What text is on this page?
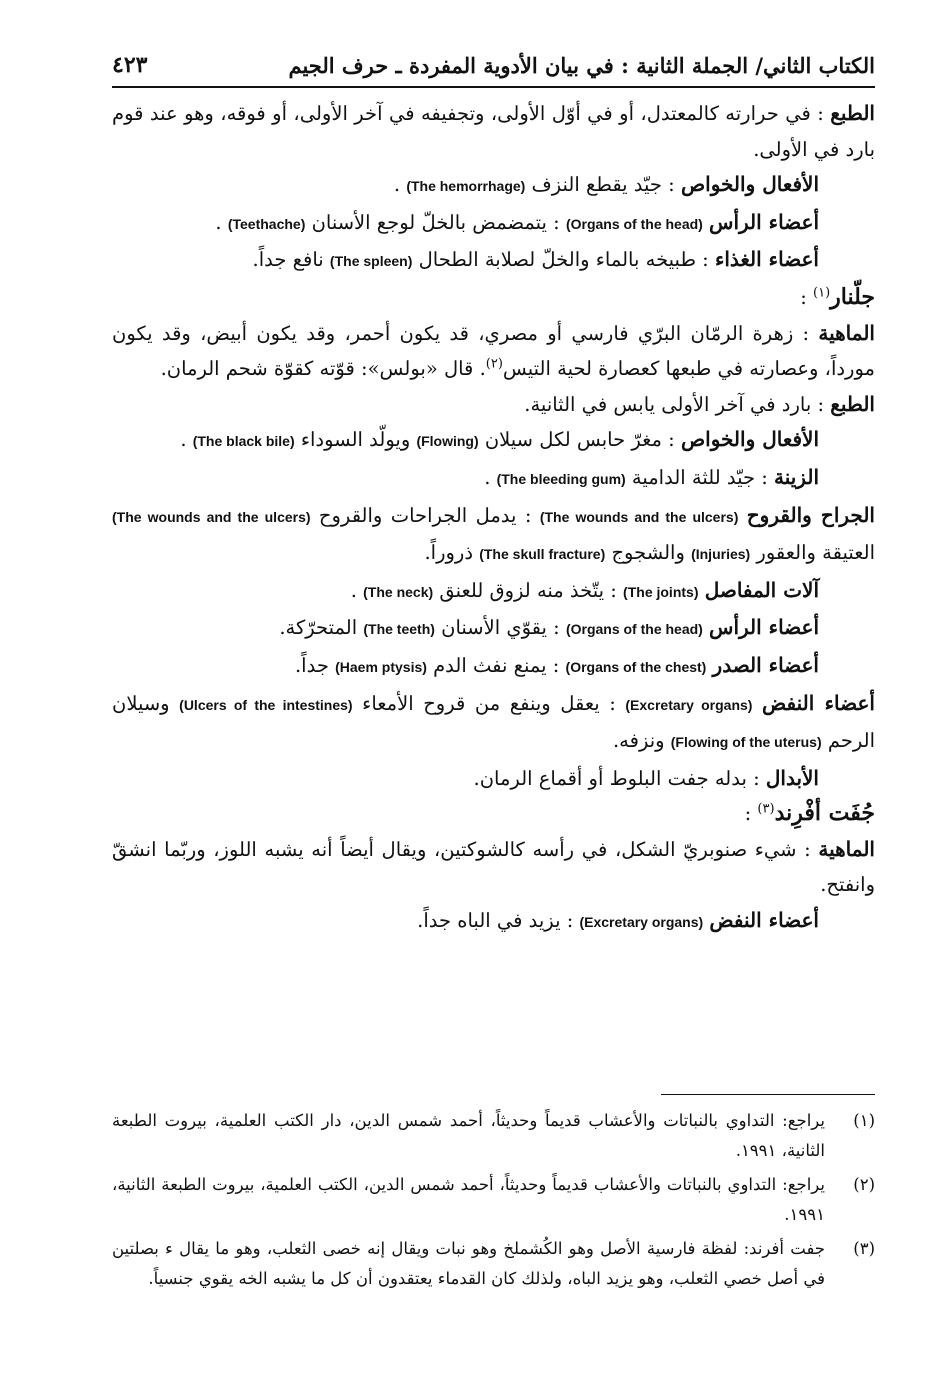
الكتاب الثاني/ الجملة الثانية : في بيان الأدوية المفردة ـ حرف الجيم
٤٢٣

الطبع : في حرارته كالمعتدل، أو في أوّل الأولى، وتجفيفه في آخر الأولى، أو فوقه، وهو عند قوم بارد في الأولى.

الأفعال والخواص : جيّد يقطع النزف (The hemorrhage) .

أعضاء الرأس (Organs of the head) : يتمضمض بالخلّ لوجع الأسنان (Teethache) .

أعضاء الغذاء : طبيخه بالماء والخلّ لصلابة الطحال (The spleen) نافع جداً.

جلّنار$^{(١)}$ :

الماهية : زهرة الرمّان البرّي فارسي أو مصري، قد يكون أحمر، وقد يكون أبيض، وقد يكون مورداً، وعصارته في طبعها كعصارة لحية التيس$^{(٢)}$. قال «بولس»: قوّته كقوّة شحم الرمان.

الطبع : بارد في آخر الأولى يابس في الثانية.

الأفعال والخواص : مغرّ حابس لكل سيلان (Flowing) ويولّد السوداء (The black bile) .

الزينة : جيّد للثة الدامية (The bleeding gum) .

الجراح والقروح (The wounds and the ulcers) : يدمل الجراحات والقروح (The wounds and the ulcers) العتيقة والعقور (Injuries) والشجوج (The skull fracture) ذروراً.

آلات المفاصل (The joints) : يتّخذ منه لزوق للعنق (The neck) .

أعضاء الرأس (Organs of the head) : يقوّي الأسنان (The teeth) المتحرّكة.

أعضاء الصدر (Organs of the chest) : يمنع نفث الدم (Haem ptysis) جداً.

أعضاء النفض (Excretary organs) : يعقل وينفع من قروح الأمعاء (Ulcers of the intestines) وسيلان الرحم (Flowing of the uterus) ونزفه.

الأبدال : بدله جفت البلوط أو أقماع الرمان.

جُفَت أفْرِند$^{(٣)}$ :

الماهية : شيء صنوبريّ الشكل، في رأسه كالشوكتين، ويقال أيضاً أنه يشبه اللوز، وربّما انشقّ وانفتح.

أعضاء النفض (Excretary organs) : يزيد في الباه جداً.

(١)
يراجع: التداوي بالنباتات والأعشاب قديماً وحديثاً، أحمد شمس الدين، دار الكتب العلمية، بيروت الطبعة الثانية، ١٩٩١.
(٢)
يراجع: التداوي بالنباتات والأعشاب قديماً وحديثاً، أحمد شمس الدين، الكتب العلمية، بيروت الطبعة الثانية، ١٩٩١.
(٣)
جفت أفرند: لفظة فارسية الأصل وهو الكُشملخ وهو نبات ويقال إنه خصى الثعلب، وهو ما يقال ء بصلتين في أصل خصي الثعلب، وهو يزيد الباه، ولذلك كان القدماء يعتقدون أن كل ما يشبه الخه يقوي جنسياً.
